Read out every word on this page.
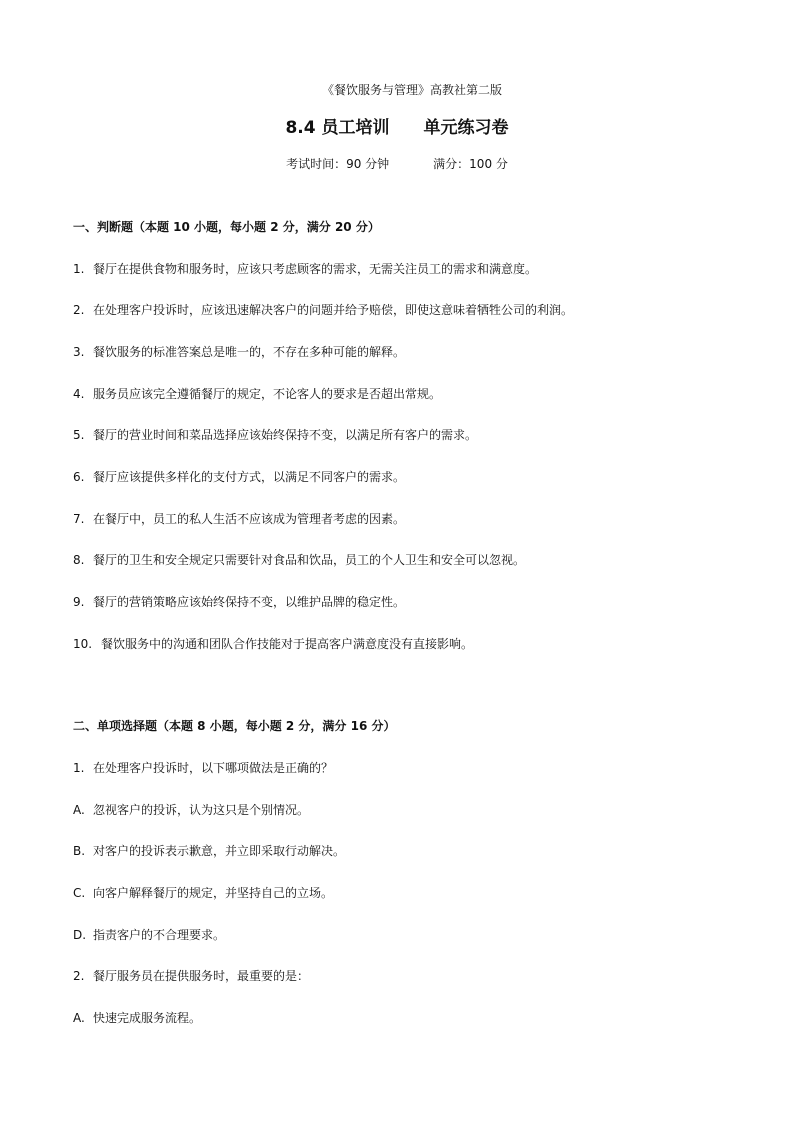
《餐饮服务与管理》高教社第二版
8.4 员工培训 单元练习卷
考试时间：90 分钟	满分：100 分
一、判断题（本题 10 小题，每小题 2 分，满分 20 分）
1. 餐厅在提供食物和服务时，应该只考虑顾客的需求，无需关注员工的需求和满意度。
2. 在处理客户投诉时，应该迅速解决客户的问题并给予赔偿，即使这意味着牺牲公司的利润。
3. 餐饮服务的标准答案总是唯一的，不存在多种可能的解释。
4. 服务员应该完全遵循餐厅的规定，不论客人的要求是否超出常规。
5. 餐厅的营业时间和菜品选择应该始终保持不变，以满足所有客户的需求。
6. 餐厅应该提供多样化的支付方式，以满足不同客户的需求。
7. 在餐厅中，员工的私人生活不应该成为管理者考虑的因素。
8. 餐厅的卫生和安全规定只需要针对食品和饮品，员工的个人卫生和安全可以忽视。
9. 餐厅的营销策略应该始终保持不变，以维护品牌的稳定性。
10. 餐饮服务中的沟通和团队合作技能对于提高客户满意度没有直接影响。
二、单项选择题（本题 8 小题，每小题 2 分，满分 16 分）
1. 在处理客户投诉时，以下哪项做法是正确的？
A. 忽视客户的投诉，认为这只是个别情况。
B. 对客户的投诉表示歉意，并立即采取行动解决。
C. 向客户解释餐厅的规定，并坚持自己的立场。
D. 指责客户的不合理要求。
2. 餐厅服务员在提供服务时，最重要的是：
A. 快速完成服务流程。
